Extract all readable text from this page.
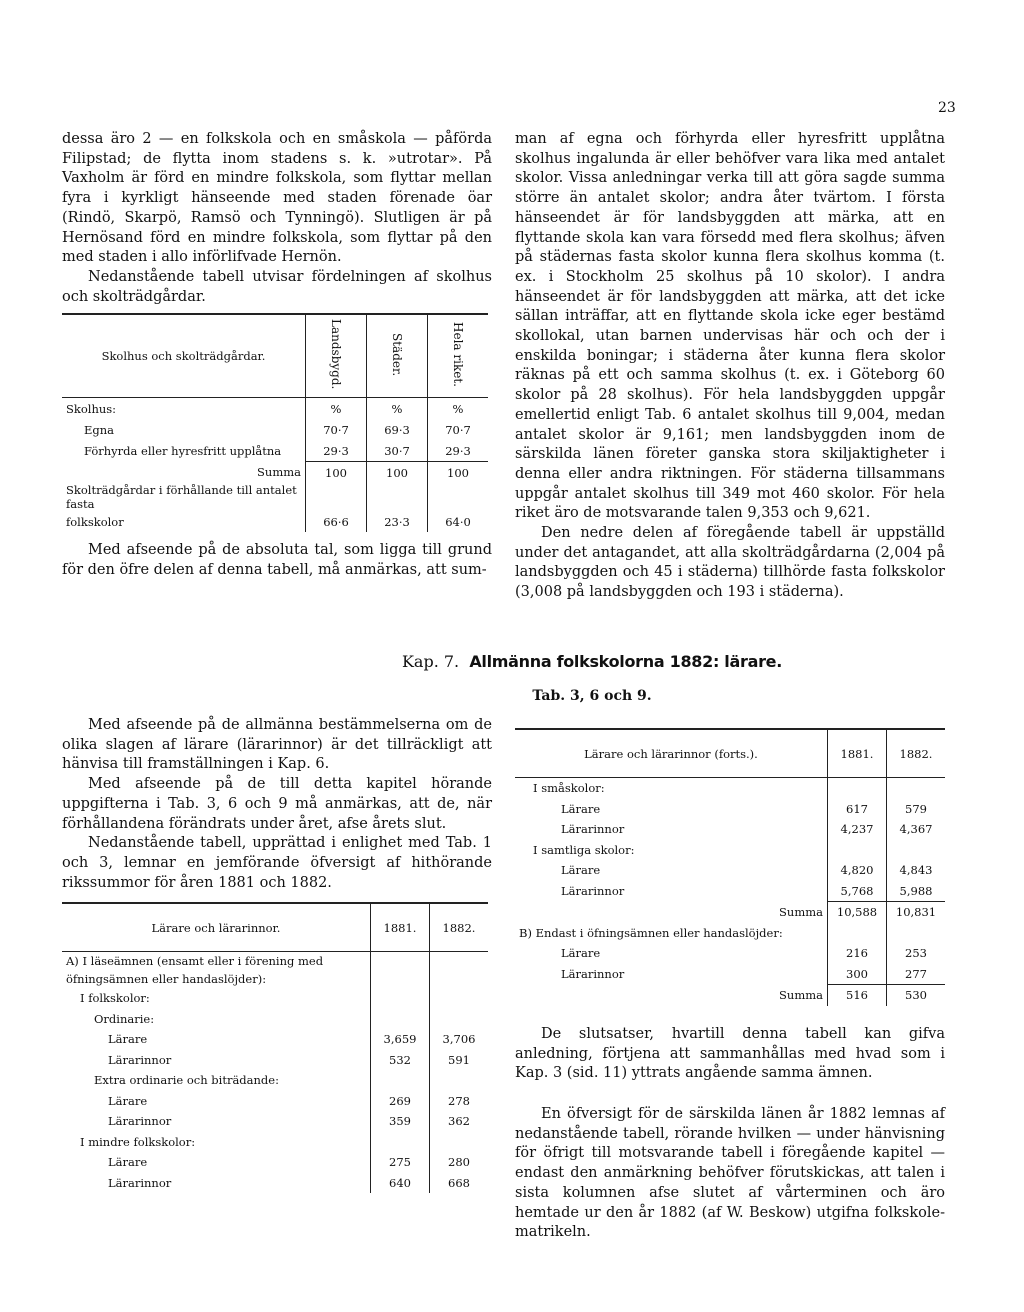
23

dessa äro 2 — en folkskola och en småskola — påförda Filipstad; de flytta inom stadens s. k. »utrotar». På Vaxholm är förd en mindre folkskola, som flyttar mellan fyra i kyrkligt hänseende med staden förenade öar (Rindö, Skarpö, Ramsö och Tynningö). Slutligen är på Hernösand förd en mindre folkskola, som flyttar på den med staden i allo införlifvade Hernön.

Nedanstående tabell utvisar fördelningen af skolhus och skolträdgårdar.

Skolhus och skolträdgårdar.	Landsbygd.	Städer.	Hela riket.
Skolhus:	%	%	%
Egna	70·7	69·3	70·7
Förhyrda eller hyresfritt upplåtna	29·3	30·7	29·3
Summa	100	100	100
Skolträdgårdar i förhållande till antalet fasta			
folkskolor	66·6	23·3	64·0

Med afseende på de absoluta tal, som ligga till grund för den öfre delen af denna tabell, må anmärkas, att sum-

man af egna och förhyrda eller hyresfritt upplåtna skolhus ingalunda är eller behöfver vara lika med antalet skolor. Vissa anledningar verka till att göra sagde summa större än antalet skolor; andra åter tvärtom. I första hänseendet är för landsbyggden att märka, att en flyttande skola kan vara försedd med flera skolhus; äfven på städernas fasta skolor kunna flera skolhus komma (t. ex. i Stockholm 25 skolhus på 10 skolor). I andra hänseendet är för landsbyggden att märka, att det icke sällan inträffar, att en flyttande skola icke eger bestämd skollokal, utan barnen undervisas här och och der i enskilda boningar; i städerna åter kunna flera skolor räknas på ett och samma skolhus (t. ex. i Göteborg 60 skolor på 28 skolhus). För hela landsbyggden uppgår emellertid enligt Tab. 6 antalet skolhus till 9,004, medan antalet skolor är 9,161; men landsbyggden inom de särskilda länen företer ganska stora skiljaktigheter i denna eller andra riktningen. För städerna tillsammans uppgår antalet skolhus till 349 mot 460 skolor. För hela riket äro de motsvarande talen 9,353 och 9,621.

Den nedre delen af föregående tabell är uppställd under det antagandet, att alla skolträdgårdarna (2,004 på landsbyggden och 45 i städerna) tillhörde fasta folkskolor (3,008 på landsbyggden och 193 i städerna).

Kap. 7. Allmänna folkskolorna 1882: lärare.
Tab. 3, 6 och 9.

Med afseende på de allmänna bestämmelserna om de olika slagen af lärare (lärarinnor) är det tillräckligt att hänvisa till framställningen i Kap. 6.

Med afseende på de till detta kapitel hörande uppgifterna i Tab. 3, 6 och 9 må anmärkas, att de, när förhållandena förändrats under året, afse årets slut.

Nedanstående tabell, upprättad i enlighet med Tab. 1 och 3, lemnar en jemförande öfversigt af hithörande rikssummor för åren 1881 och 1882.

Lärare och lärarinnor.	1881.	1882.
A) I läseämnen (ensamt eller i förening med öfningsämnen eller handaslöjder):		
I folkskolor:		
Ordinarie:		
Lärare	3,659	3,706
Lärarinnor	532	591
Extra ordinarie och biträdande:		
Lärare	269	278
Lärarinnor	359	362
I mindre folkskolor:		
Lärare	275	280
Lärarinnor	640	668
Lärare och lärarinnor (forts.).	1881.	1882.
I småskolor:		
Lärare	617	579
Lärarinnor	4,237	4,367
I samtliga skolor:		
Lärare	4,820	4,843
Lärarinnor	5,768	5,988
Summa	10,588	10,831
B) Endast i öfningsämnen eller handaslöjder:		
Lärare	216	253
Lärarinnor	300	277
Summa	516	530

De slutsatser, hvartill denna tabell kan gifva anledning, förtjena att sammanhållas med hvad som i Kap. 3 (sid. 11) yttrats angående samma ämnen.

En öfversigt för de särskilda länen år 1882 lemnas af nedanstående tabell, rörande hvilken — under hänvisning för öfrigt till motsvarande tabell i föregående kapitel — endast den anmärkning behöfver förutskickas, att talen i sista kolumnen afse slutet af vårterminen och äro hemtade ur den år 1882 (af W. Beskow) utgifna folkskole-matrikeln.
